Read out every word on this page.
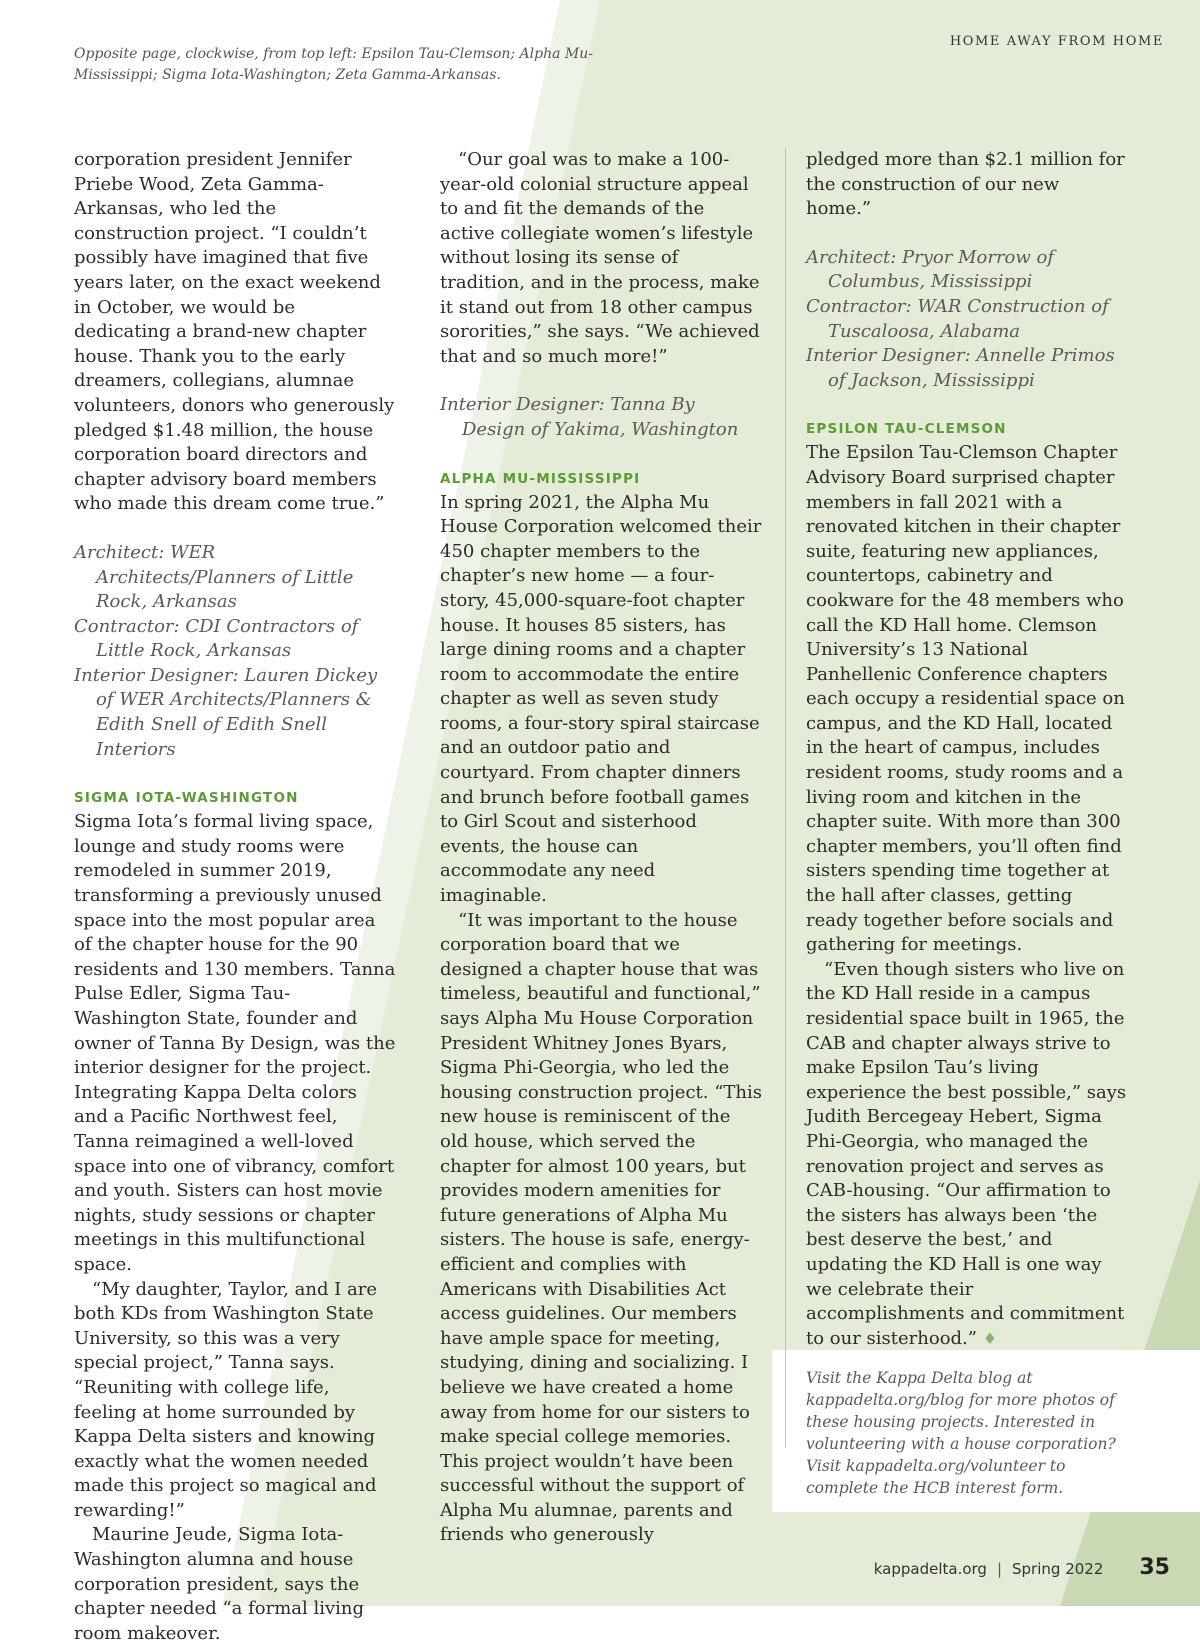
Opposite page, clockwise, from top left: Epsilon Tau-Clemson; Alpha Mu-Mississippi; Sigma Iota-Washington; Zeta Gamma-Arkansas.
HOME AWAY FROM HOME

corporation president Jennifer Priebe Wood, Zeta Gamma-Arkansas, who led the construction project. “I couldn’t possibly have imagined that five years later, on the exact weekend in October, we would be dedicating a brand-new chapter house. Thank you to the early dreamers, collegians, alumnae volunteers, donors who generously pledged $1.48 million, the house corporation board directors and chapter advisory board members who made this dream come true.”

Architect: WER Architects/Planners of Little Rock, Arkansas
Contractor: CDI Contractors of Little Rock, Arkansas
Interior Designer: Lauren Dickey of WER Architects/Planners & Edith Snell of Edith Snell Interiors
SIGMA IOTA-WASHINGTON

Sigma Iota’s formal living space, lounge and study rooms were remodeled in summer 2019, transforming a previously unused space into the most popular area of the chapter house for the 90 residents and 130 members. Tanna Pulse Edler, Sigma Tau-Washington State, founder and owner of Tanna By Design, was the interior designer for the project. Integrating Kappa Delta colors and a Pacific Northwest feel, Tanna reimagined a well-loved space into one of vibrancy, comfort and youth. Sisters can host movie nights, study sessions or chapter meetings in this multifunctional space.

“My daughter, Taylor, and I are both KDs from Washington State University, so this was a very special project,” Tanna says. “Reuniting with college life, feeling at home surrounded by Kappa Delta sisters and knowing exactly what the women needed made this project so magical and rewarding!”

Maurine Jeude, Sigma Iota-Washington alumna and house corporation president, says the chapter needed “a formal living room makeover.

“Our goal was to make a 100-year-old colonial structure appeal to and fit the demands of the active collegiate women’s lifestyle without losing its sense of tradition, and in the process, make it stand out from 18 other campus sororities,” she says. “We achieved that and so much more!”

Interior Designer: Tanna By Design of Yakima, Washington
ALPHA MU-MISSISSIPPI

In spring 2021, the Alpha Mu House Corporation welcomed their 450 chapter members to the chapter’s new home — a four-story, 45,000-square-foot chapter house. It houses 85 sisters, has large dining rooms and a chapter room to accommodate the entire chapter as well as seven study rooms, a four-story spiral staircase and an outdoor patio and courtyard. From chapter dinners and brunch before football games to Girl Scout and sisterhood events, the house can accommodate any need imaginable.

“It was important to the house corporation board that we designed a chapter house that was timeless, beautiful and functional,” says Alpha Mu House Corporation President Whitney Jones Byars, Sigma Phi-Georgia, who led the housing construction project. “This new house is reminiscent of the old house, which served the chapter for almost 100 years, but provides modern amenities for future generations of Alpha Mu sisters. The house is safe, energy-efficient and complies with Americans with Disabilities Act access guidelines. Our members have ample space for meeting, studying, dining and socializing. I believe we have created a home away from home for our sisters to make special college memories. This project wouldn’t have been successful without the support of Alpha Mu alumnae, parents and friends who generously

pledged more than $2.1 million for the construction of our new home.”

Architect: Pryor Morrow of Columbus, Mississippi
Contractor: WAR Construction of Tuscaloosa, Alabama
Interior Designer: Annelle Primos of Jackson, Mississippi
EPSILON TAU-CLEMSON

The Epsilon Tau-Clemson Chapter Advisory Board surprised chapter members in fall 2021 with a renovated kitchen in their chapter suite, featuring new appliances, countertops, cabinetry and cookware for the 48 members who call the KD Hall home. Clemson University’s 13 National Panhellenic Conference chapters each occupy a residential space on campus, and the KD Hall, located in the heart of campus, includes resident rooms, study rooms and a living room and kitchen in the chapter suite. With more than 300 chapter members, you’ll often find sisters spending time together at the hall after classes, getting ready together before socials and gathering for meetings.

“Even though sisters who live on the KD Hall reside in a campus residential space built in 1965, the CAB and chapter always strive to make Epsilon Tau’s living experience the best possible,” says Judith Bercegeay Hebert, Sigma Phi-Georgia, who managed the renovation project and serves as CAB-housing. “Our affirmation to the sisters has always been ‘the best deserve the best,’ and updating the KD Hall is one way we celebrate their accomplishments and commitment to our sisterhood.” ♦

Visit the Kappa Delta blog at kappadelta.org/blog for more photos of these housing projects. Interested in volunteering with a house corporation? Visit kappadelta.org/volunteer to complete the HCB interest form.
kappadelta.org | Spring 2022 35
